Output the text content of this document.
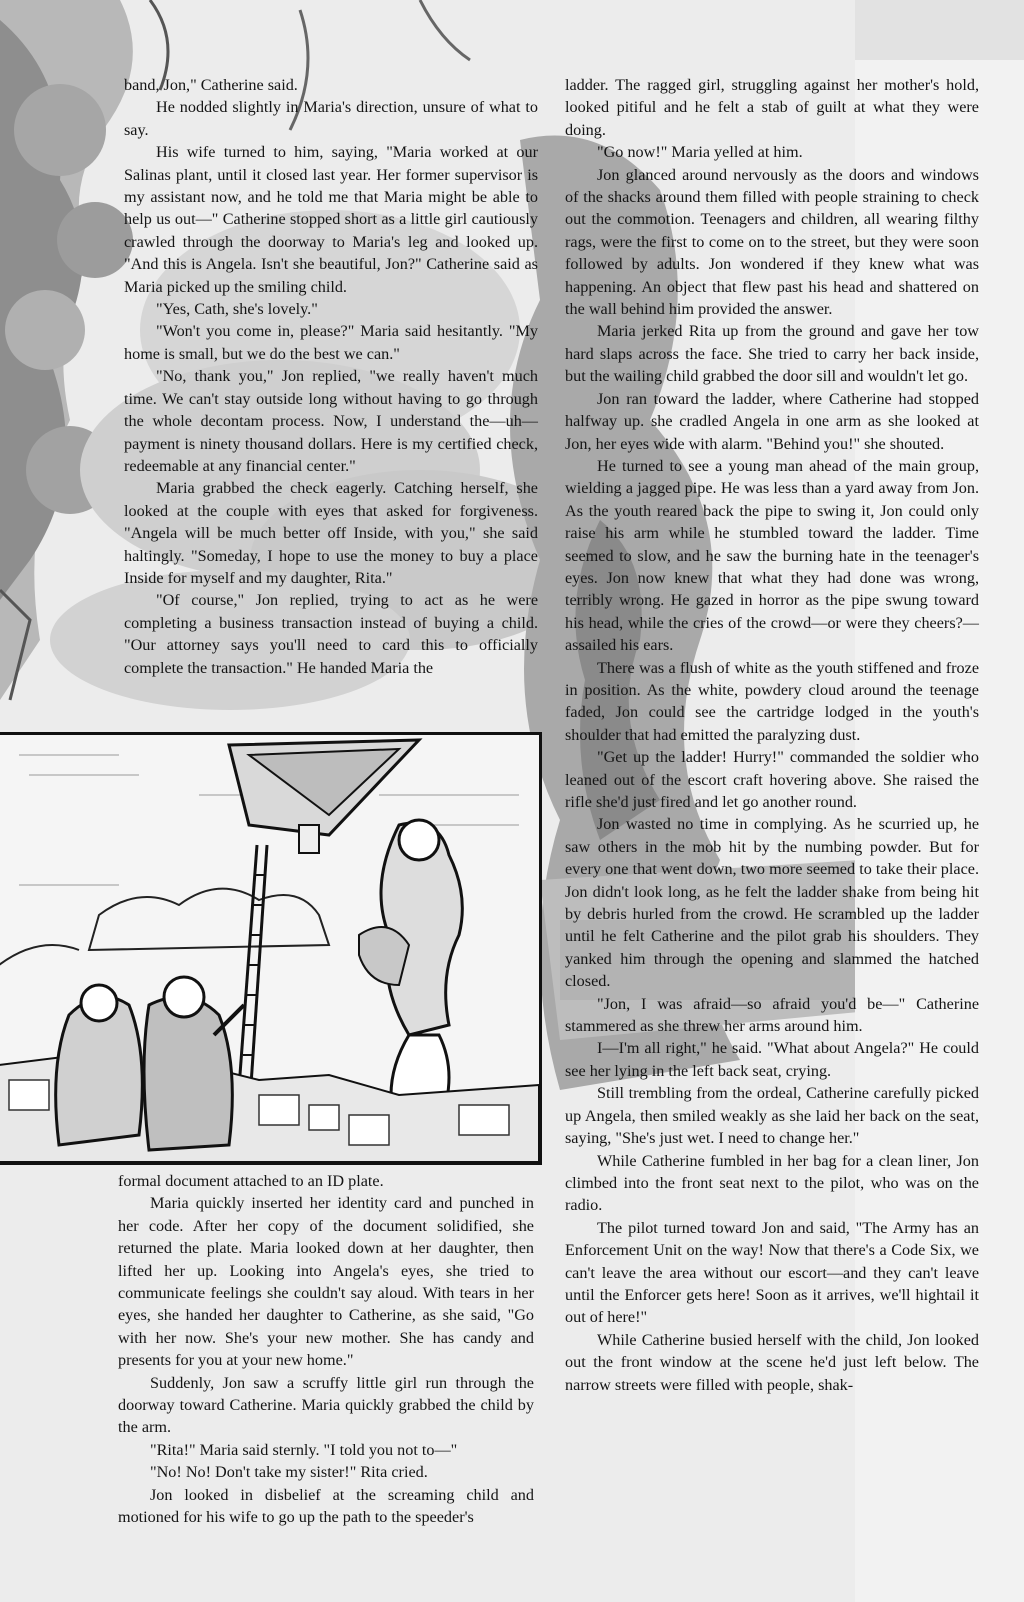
band, Jon," Catherine said.

He nodded slightly in Maria's direction, unsure of what to say.

His wife turned to him, saying, "Maria worked at our Salinas plant, until it closed last year. Her former supervisor is my assistant now, and he told me that Maria might be able to help us out—" Catherine stopped short as a little girl cautiously crawled through the doorway to Maria's leg and looked up. "And this is Angela. Isn't she beautiful, Jon?" Catherine said as Maria picked up the smiling child.

"Yes, Cath, she's lovely."

"Won't you come in, please?" Maria said hesitantly. "My home is small, but we do the best we can."

"No, thank you," Jon replied, "we really haven't much time. We can't stay outside long without having to go through the whole decontam process. Now, I understand the—uh—payment is ninety thousand dollars. Here is my certified check, redeemable at any financial center."

Maria grabbed the check eagerly. Catching herself, she looked at the couple with eyes that asked for forgiveness. "Angela will be much better off Inside, with you," she said haltingly. "Someday, I hope to use the money to buy a place Inside for myself and my daughter, Rita."

"Of course," Jon replied, trying to act as he were completing a business transaction instead of buying a child. "Our attorney says you'll need to card this to officially complete the transaction." He handed Maria the

formal document attached to an ID plate.

Maria quickly inserted her identity card and punched in her code. After her copy of the document solidified, she returned the plate. Maria looked down at her daughter, then lifted her up. Looking into Angela's eyes, she tried to communicate feelings she couldn't say aloud. With tears in her eyes, she handed her daughter to Catherine, as she said, "Go with her now. She's your new mother. She has candy and presents for you at your new home."

Suddenly, Jon saw a scruffy little girl run through the doorway toward Catherine. Maria quickly grabbed the child by the arm.

"Rita!" Maria said sternly. "I told you not to—"

"No! No! Don't take my sister!" Rita cried.

Jon looked in disbelief at the screaming child and motioned for his wife to go up the path to the speeder's

ladder. The ragged girl, struggling against her mother's hold, looked pitiful and he felt a stab of guilt at what they were doing.

"Go now!" Maria yelled at him.

Jon glanced around nervously as the doors and windows of the shacks around them filled with people straining to check out the commotion. Teenagers and children, all wearing filthy rags, were the first to come on to the street, but they were soon followed by adults. Jon wondered if they knew what was happening. An object that flew past his head and shattered on the wall behind him provided the answer.

Maria jerked Rita up from the ground and gave her tow hard slaps across the face. She tried to carry her back inside, but the wailing child grabbed the door sill and wouldn't let go.

Jon ran toward the ladder, where Catherine had stopped halfway up. she cradled Angela in one arm as she looked at Jon, her eyes wide with alarm. "Behind you!" she shouted.

He turned to see a young man ahead of the main group, wielding a jagged pipe. He was less than a yard away from Jon. As the youth reared back the pipe to swing it, Jon could only raise his arm while he stumbled toward the ladder. Time seemed to slow, and he saw the burning hate in the teenager's eyes. Jon now knew that what they had done was wrong, terribly wrong. He gazed in horror as the pipe swung toward his head, while the cries of the crowd—or were they cheers?—assailed his ears.

There was a flush of white as the youth stiffened and froze in position. As the white, powdery cloud around the teenage faded, Jon could see the cartridge lodged in the youth's shoulder that had emitted the paralyzing dust.

"Get up the ladder! Hurry!" commanded the soldier who leaned out of the escort craft hovering above. She raised the rifle she'd just fired and let go another round.

Jon wasted no time in complying. As he scurried up, he saw others in the mob hit by the numbing powder. But for every one that went down, two more seemed to take their place. Jon didn't look long, as he felt the ladder shake from being hit by debris hurled from the crowd. He scrambled up the ladder until he felt Catherine and the pilot grab his shoulders. They yanked him through the opening and slammed the hatched closed.

"Jon, I was afraid—so afraid you'd be—" Catherine stammered as she threw her arms around him.

I—I'm all right," he said. "What about Angela?" He could see her lying in the left back seat, crying.

Still trembling from the ordeal, Catherine carefully picked up Angela, then smiled weakly as she laid her back on the seat, saying, "She's just wet. I need to change her."

While Catherine fumbled in her bag for a clean liner, Jon climbed into the front seat next to the pilot, who was on the radio.

The pilot turned toward Jon and said, "The Army has an Enforcement Unit on the way! Now that there's a Code Six, we can't leave the area without our escort—and they can't leave until the Enforcer gets here! Soon as it arrives, we'll hightail it out of here!"

While Catherine busied herself with the child, Jon looked out the front window at the scene he'd just left below. The narrow streets were filled with people, shak-
